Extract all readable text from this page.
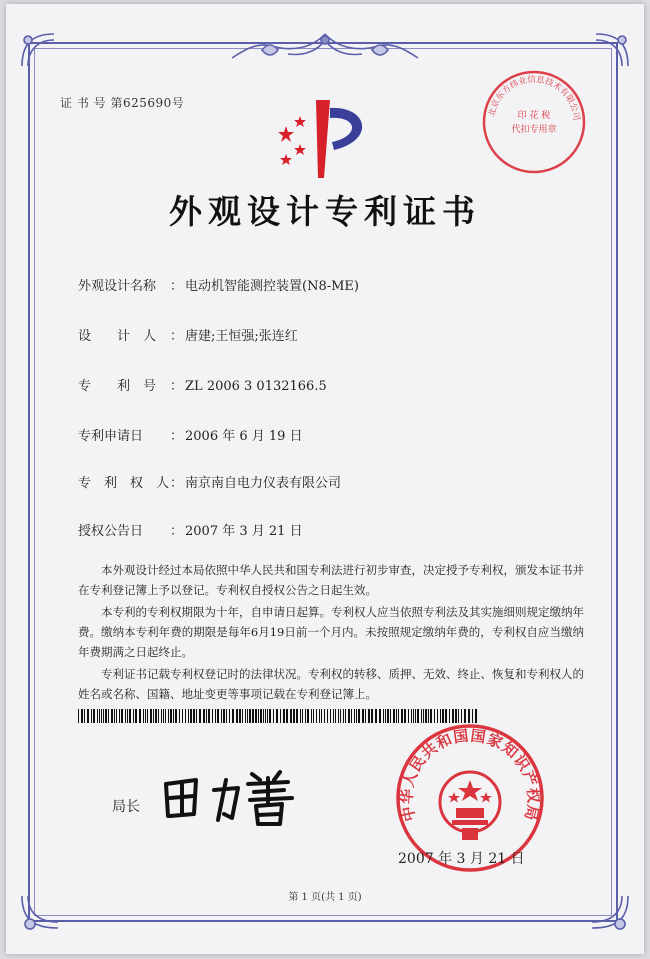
证 书 号 第625690号
北京东方纬业信息技术有限公司
印 花 税
代扣专用章
外观设计专利证书
外观设计名称 ： 电动机智能测控装置(N8-ME)
设　　计　人 ： 唐建;王恒强;张连红
专　　利　号 ： ZL 2006 3 0132166.5
专利申请日 ： 2006 年 6 月 19 日
专　利　权　人： 南京南自电力仪表有限公司
授权公告日 ： 2007 年 3 月 21 日

本外观设计经过本局依照中华人民共和国专利法进行初步审查，决定授予专利权，颁发本证书并在专利登记簿上予以登记。专利权自授权公告之日起生效。

本专利的专利权期限为十年，自申请日起算。专利权人应当依照专利法及其实施细则规定缴纳年费。缴纳本专利年费的期限是每年6月19日前一个月内。未按照规定缴纳年费的，专利权自应当缴纳年费期满之日起终止。

专利证书记载专利权登记时的法律状况。专利权的转移、质押、无效、终止、恢复和专利权人的姓名或名称、国籍、地址变更等事项记载在专利登记簿上。

局长	中华人民共和国国家知识产权局
2007 年 3 月 21 日
第 1 页(共 1 页)
